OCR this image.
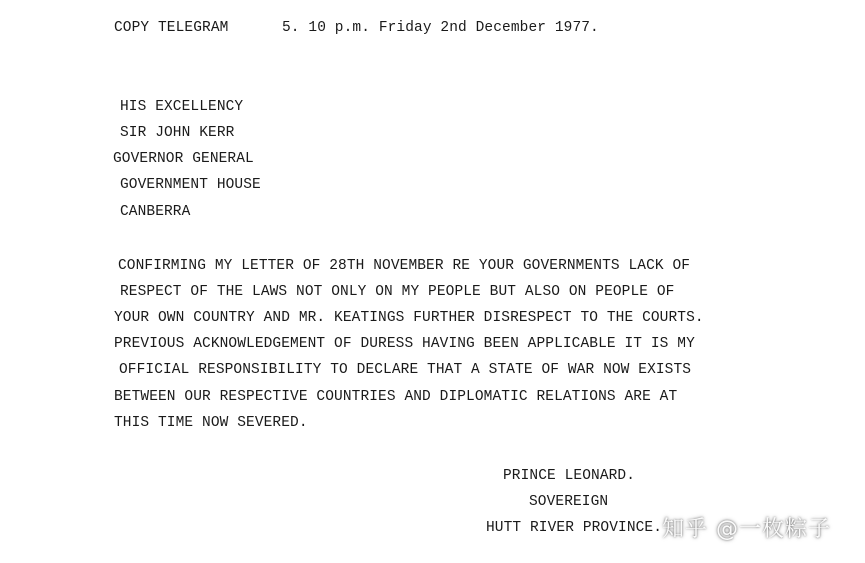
COPY TELEGRAM	5. 10 p.m. Friday 2nd December 1977.
HIS EXCELLENCY
SIR JOHN KERR
GOVERNOR GENERAL
GOVERNMENT HOUSE
CANBERRA
CONFIRMING MY LETTER OF 28TH NOVEMBER RE YOUR GOVERNMENTS LACK OF
RESPECT OF THE LAWS NOT ONLY ON MY PEOPLE BUT ALSO ON PEOPLE OF
YOUR OWN COUNTRY AND MR. KEATINGS FURTHER DISRESPECT TO THE COURTS.
PREVIOUS ACKNOWLEDGEMENT OF DURESS HAVING BEEN APPLICABLE IT IS MY
OFFICIAL RESPONSIBILITY TO DECLARE THAT A STATE OF WAR NOW EXISTS
BETWEEN OUR RESPECTIVE COUNTRIES AND DIPLOMATIC RELATIONS ARE AT
THIS TIME NOW SEVERED.
PRINCE LEONARD.
SOVEREIGN
HUTT RIVER PROVINCE. 知乎 @一枚粽子
